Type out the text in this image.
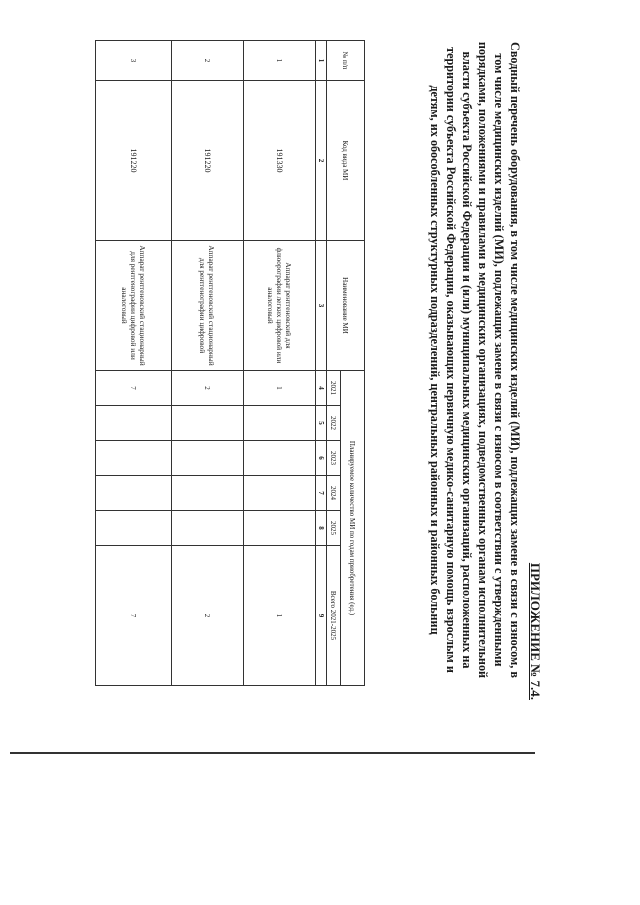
ПРИЛОЖЕНИЕ № 7.4.
Сводный перечень оборудования, в том числе медицинских изделий (МИ), подлежащих замене в связи с износом, в том числе медицинских изделий (МИ), подлежащих замене в связи с износом в соответствии с утвержденными порядками, положениями и правилами в медицинских организациях, подведомственных органам исполнительной власти субъекта Российской Федерации и (или) муниципальных медицинских организаций, расположенных на территории субъекта Российской Федерации, оказывающих первичную медико-санитарную помощь взрослым и детям, их обособленных структурных подразделений, центральных районных и районных больниц
№ п/п	Код вида МИ	Наименование МИ	Планируемое количество МИ по годам приобретения (ед.)					
			2021	2022	2023	2024	2025	Всего 2021-2025
1	2	3	4	5	6	7	8	9
1	191330	Аппарат рентгеновский для флюорографии легких цифровой или аналоговый	1					1
2	191220	Аппарат рентгеновский стационарный для рентгенографии цифровой	2					2
3	191220	Аппарат рентгеновский стационарный для рентгенографии цифровой или аналоговый	7					7
